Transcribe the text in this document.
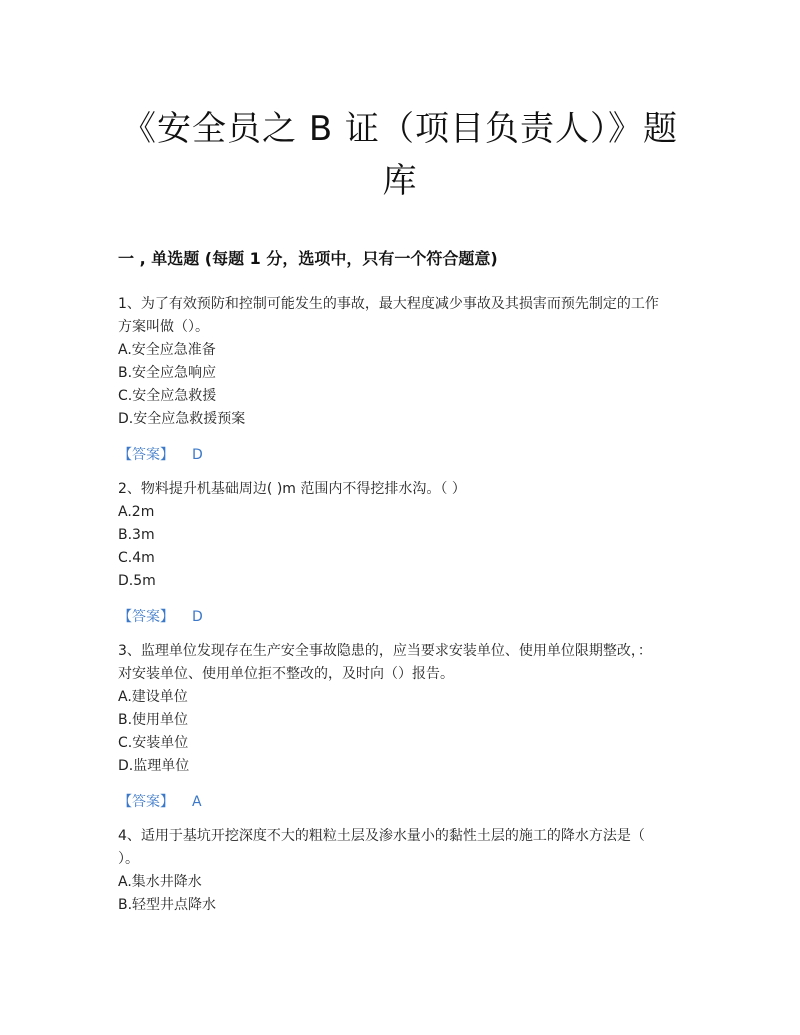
《安全员之 B 证（项目负责人）》题
库
一 , 单选题 (每题 1 分，选项中，只有一个符合题意)
1、为了有效预防和控制可能发生的事故，最大程度减少事故及其损害而预先制定的工作
方案叫做（）。
A.安全应急准备
B.安全应急响应
C.安全应急救援
D.安全应急救援预案
【答案】 D
2、物料提升机基础周边( )m 范围内不得挖排水沟。（ ）
A.2m
B.3m
C.4m
D.5m
【答案】 D
3、监理单位发现存在生产安全事故隐患的，应当要求安装单位、使用单位限期整改，：
对安装单位、使用单位拒不整改的，及时向（）报告。
A.建设单位
B.使用单位
C.安装单位
D.监理单位
【答案】 A
4、适用于基坑开挖深度不大的粗粒土层及渗水量小的黏性土层的施工的降水方法是（
）。
A.集水井降水
B.轻型井点降水
